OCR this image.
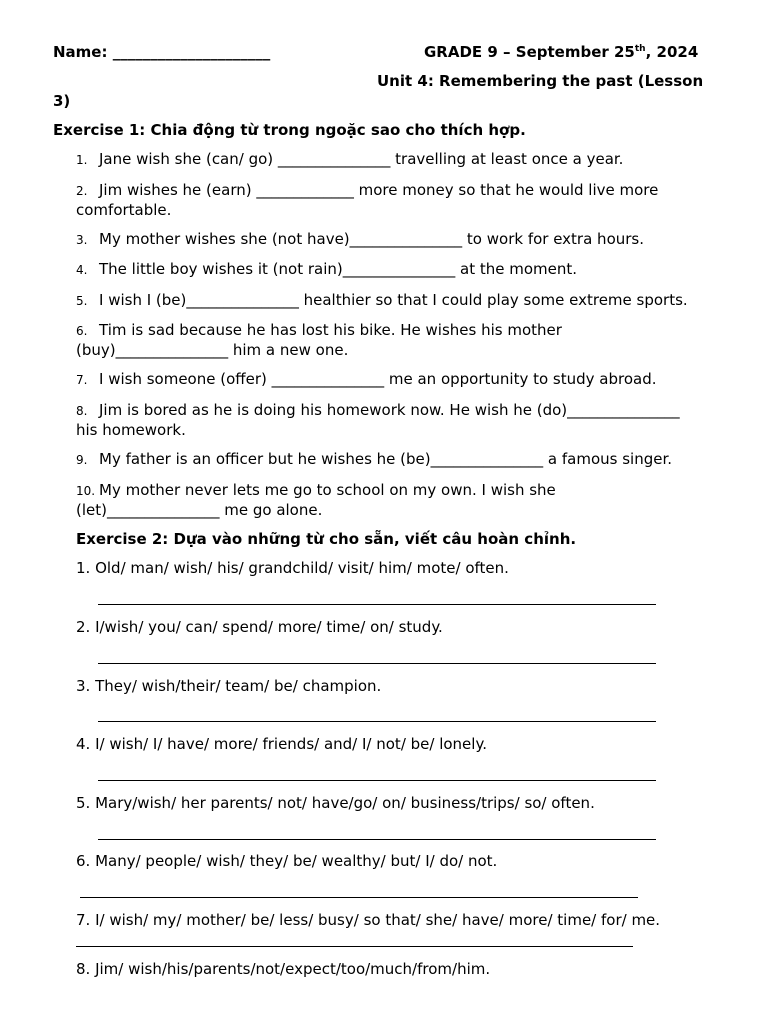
Name: _____________________	GRADE 9 – September 25th, 2024
Unit 4: Remembering the past (Lesson
3)
Exercise 1: Chia động từ trong ngoặc sao cho thích hợp.
1. Jane wish she (can/ go) _______________ travelling at least once a year.
2. Jim wishes he (earn) _____________ more money so that he would live more
comfortable.
3. My mother wishes she (not have)_______________ to work for extra hours.
4. The little boy wishes it (not rain)_______________ at the moment.
5. I wish I (be)_______________ healthier so that I could play some extreme sports.
6. Tim is sad because he has lost his bike. He wishes his mother
(buy)_______________ him a new one.
7. I wish someone (offer) _______________ me an opportunity to study abroad.
8. Jim is bored as he is doing his homework now. He wish he (do)_______________
his homework.
9. My father is an officer but he wishes he (be)_______________ a famous singer.
10. My mother never lets me go to school on my own. I wish she
(let)_______________ me go alone.
Exercise 2: Dựa vào những từ cho sẵn, viết câu hoàn chỉnh.
1. Old/ man/ wish/ his/ grandchild/ visit/ him/ mote/ often.
2. I/wish/ you/ can/ spend/ more/ time/ on/ study.
3. They/ wish/their/ team/ be/ champion.
4. I/ wish/ I/ have/ more/ friends/ and/ I/ not/ be/ lonely.
5. Mary/wish/ her parents/ not/ have/go/ on/ business/trips/ so/ often.
6. Many/ people/ wish/ they/ be/ wealthy/ but/ I/ do/ not.
7. I/ wish/ my/ mother/ be/ less/ busy/ so that/ she/ have/ more/ time/ for/ me.
8. Jim/ wish/his/parents/not/expect/too/much/from/him.
